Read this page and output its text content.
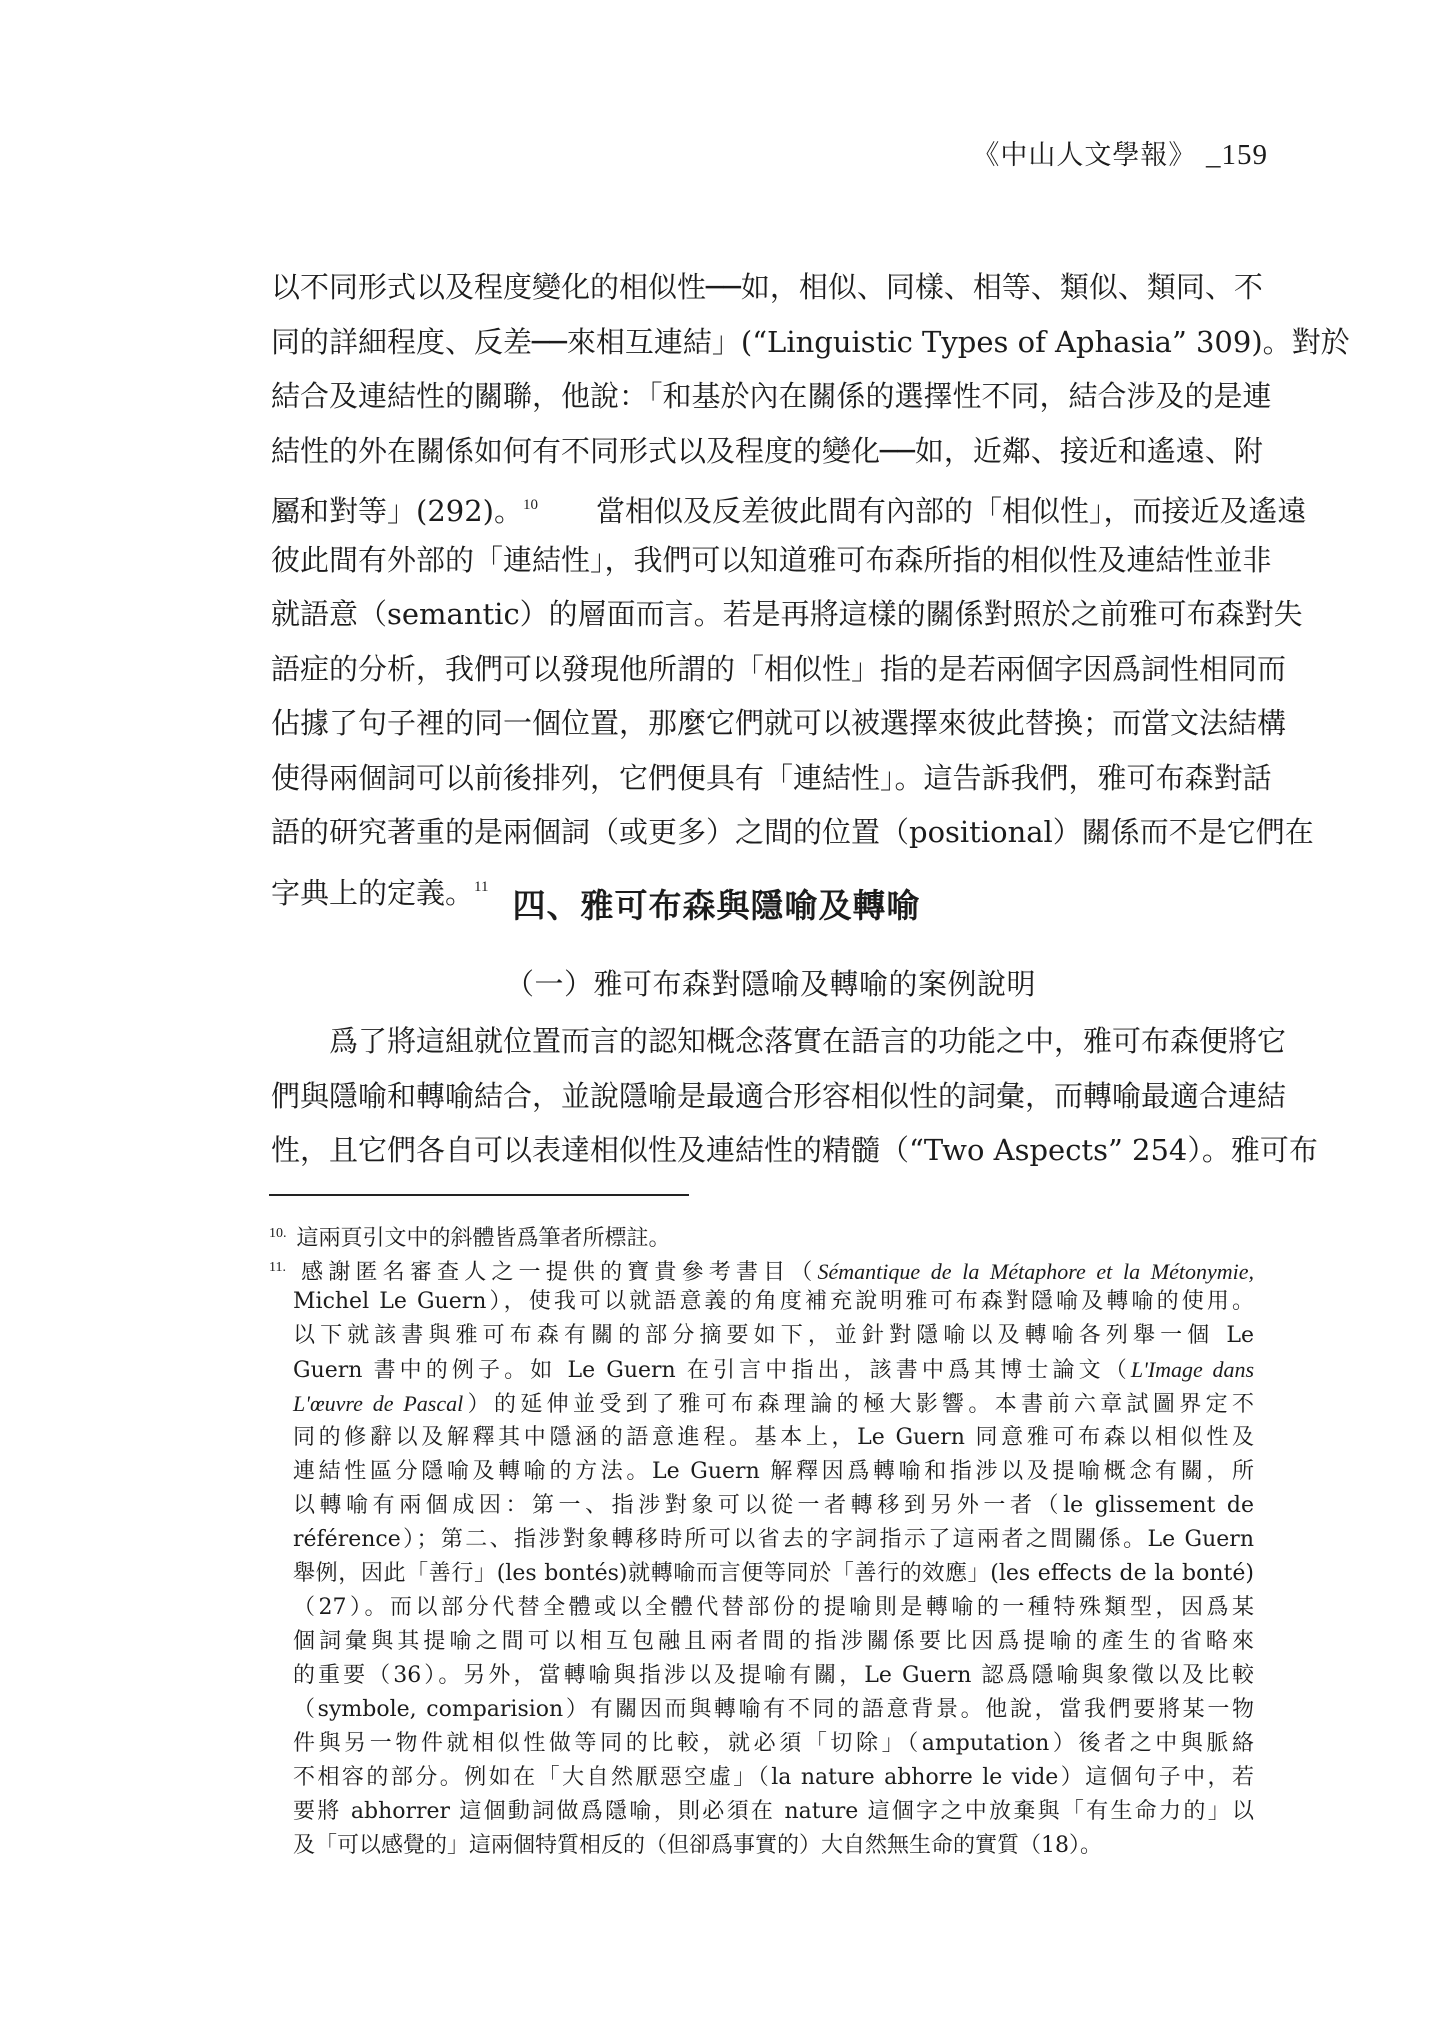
《中山人文學報》 _159
以不同形式以及程度變化的相似性──如，相似、同樣、相等、類似、類同、不
同的詳細程度、反差──來相互連結」(“Linguistic Types of Aphasia” 309)。對於
結合及連結性的關聯，他說：「和基於內在關係的選擇性不同，結合涉及的是連
結性的外在關係如何有不同形式以及程度的變化──如，近鄰、接近和遙遠、附
屬和對等」(292)。$^{10}$   當相似及反差彼此間有內部的「相似性」，而接近及遙遠
彼此間有外部的「連結性」，我們可以知道雅可布森所指的相似性及連結性並非
就語意（semantic）的層面而言。若是再將這樣的關係對照於之前雅可布森對失
語症的分析，我們可以發現他所謂的「相似性」指的是若兩個字因爲詞性相同而
佔據了句子裡的同一個位置，那麼它們就可以被選擇來彼此替換；而當文法結構
使得兩個詞可以前後排列，它們便具有「連結性」。這告訴我們，雅可布森對話
語的研究著重的是兩個詞（或更多）之間的位置（positional）關係而不是它們在
字典上的定義。$^{11}$ 四、雅可布森與隱喻及轉喻
（一）雅可布森對隱喻及轉喻的案例說明
爲了將這組就位置而言的認知概念落實在語言的功能之中，雅可布森便將它
們與隱喻和轉喻結合，並說隱喻是最適合形容相似性的詞彙，而轉喻最適合連結
性，且它們各自可以表達相似性及連結性的精髓（“Two Aspects” 254）。雅可布
$^{10.}$ 這兩頁引文中的斜體皆爲筆者所標註。
$^{11.}$ 感謝匿名審查人之一提供的寶貴參考書目（Sémantique de la Métaphore et la Métonymie,
Michel Le Guern），使我可以就語意義的角度補充說明雅可布森對隱喻及轉喻的使用。
以下就該書與雅可布森有關的部分摘要如下，並針對隱喻以及轉喻各列舉一個 Le
Guern 書中的例子。如 Le Guern 在引言中指出，該書中爲其博士論文（L'Image dans
L'œuvre de Pascal）的延伸並受到了雅可布森理論的極大影響。本書前六章試圖界定不
同的修辭以及解釋其中隱涵的語意進程。基本上，Le Guern 同意雅可布森以相似性及
連結性區分隱喻及轉喻的方法。Le Guern 解釋因爲轉喻和指涉以及提喻概念有關，所
以轉喻有兩個成因：第一、指涉對象可以從一者轉移到另外一者（le glissement de
référence）；第二、指涉對象轉移時所可以省去的字詞指示了這兩者之間關係。Le Guern
舉例，因此「善行」(les bontés)就轉喻而言便等同於「善行的效應」(les effects de la bonté)
（27）。而以部分代替全體或以全體代替部份的提喻則是轉喻的一種特殊類型，因爲某
個詞彙與其提喻之間可以相互包融且兩者間的指涉關係要比因爲提喻的產生的省略來
的重要（36）。另外，當轉喻與指涉以及提喻有關，Le Guern 認爲隱喻與象徵以及比較
（symbole, comparision）有關因而與轉喻有不同的語意背景。他說，當我們要將某一物
件與另一物件就相似性做等同的比較，就必須「切除」（amputation）後者之中與脈絡
不相容的部分。例如在「大自然厭惡空虛」（la nature abhorre le vide）這個句子中，若
要將 abhorrer 這個動詞做爲隱喻，則必須在 nature 這個字之中放棄與「有生命力的」以
及「可以感覺的」這兩個特質相反的（但卻爲事實的）大自然無生命的實質（18）。
